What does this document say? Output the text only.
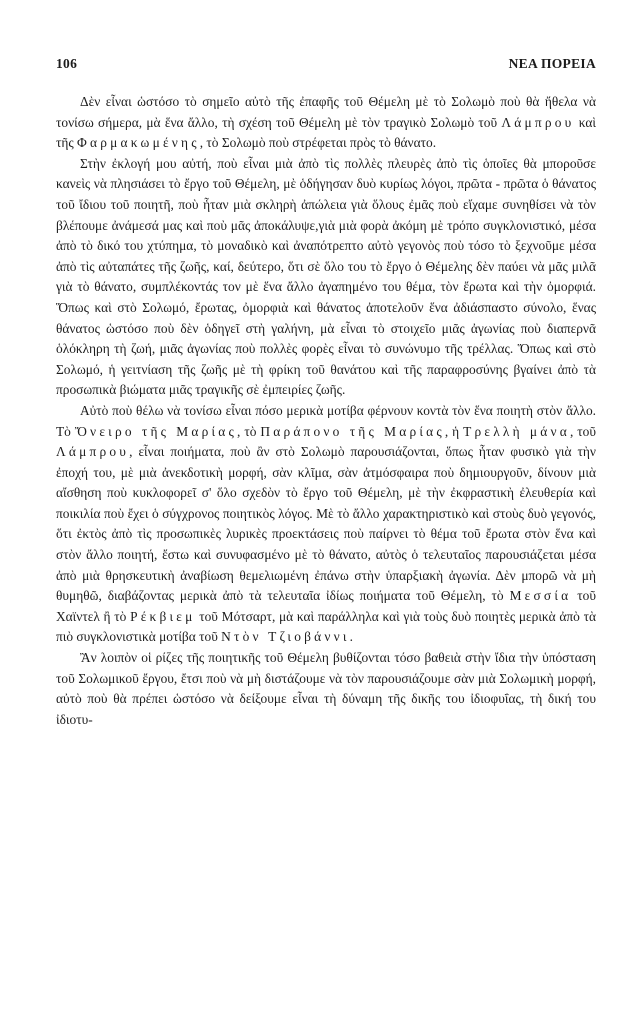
106	ΝΕΑ ΠΟΡΕΙΑ

Δὲν εἶναι ὡστόσο τὸ σημεῖο αὐτὸ τῆς ἐπαφῆς τοῦ Θέμελη μὲ τὸ Σολωμὸ ποὺ θὰ ἤθελα νὰ τονίσω σήμερα, μὰ ἕνα ἄλλο, τὴ σχέση τοῦ Θέμελη μὲ τὸν τραγικὸ Σολωμὸ τοῦ Λάμπρου καὶ τῆς Φαρμακωμένης, τὸ Σολωμὸ ποὺ στρέφεται πρὸς τὸ θάνατο.

Στὴν ἐκλογή μου αὐτή, ποὺ εἶναι μιὰ ἀπὸ τὶς πολλὲς πλευρὲς ἀπὸ τὶς ὁποῖες θὰ μποροῦσε κανεὶς νὰ πλησιάσει τὸ ἔργο τοῦ Θέμελη, μὲ ὁδήγησαν δυὸ κυρίως λόγοι, πρῶτα - πρῶτα ὁ θάνατος τοῦ ἴδιου τοῦ ποιητῆ, ποὺ ἦταν μιὰ σκληρὴ ἀπώλεια γιὰ ὅλους ἐμᾶς ποὺ εἴχαμε συνηθίσει νὰ τὸν βλέπουμε ἀνάμεσά μας καὶ ποὺ μᾶς ἀποκάλυψε,γιὰ μιὰ φορὰ ἀκόμη μὲ τρόπο συγκλονιστικό, μέσα ἀπὸ τὸ δικό του χτύπημα, τὸ μοναδικὸ καὶ ἀναπότρεπτο αὐτὸ γεγονὸς ποὺ τόσο τὸ ξεχνοῦμε μέσα ἀπὸ τὶς αὐταπάτες τῆς ζωῆς, καί, δεύτερο, ὅτι σὲ ὅλο του τὸ ἔργο ὁ Θέμελης δὲν παύει νὰ μᾶς μιλᾶ γιὰ τὸ θάνατο, συμπλέκοντάς τον μὲ ἕνα ἄλλο ἀγαπημένο του θέμα, τὸν ἔρωτα καὶ τὴν ὀμορφιά. Ὅπως καὶ στὸ Σολωμό, ἔρωτας, ὀμορφιὰ καὶ θάνατος ἀποτελοῦν ἕνα ἀδιάσπαστο σύνολο, ἕνας θάνατος ὡστόσο ποὺ δὲν ὁδηγεῖ στὴ γαλήνη, μὰ εἶναι τὸ στοιχεῖο μιᾶς ἀγωνίας ποὺ διαπερνᾶ ὁλόκληρη τὴ ζωή, μιᾶς ἀγωνίας ποὺ πολλὲς φορὲς εἶναι τὸ συνώνυμο τῆς τρέλλας. Ὅπως καὶ στὸ Σολωμό, ἡ γειτνίαση τῆς ζωῆς μὲ τὴ φρίκη τοῦ θανάτου καὶ τῆς παραφροσύνης βγαίνει ἀπὸ τὰ προσωπικὰ βιώματα μιᾶς τραγικῆς σὲ ἐμπειρίες ζωῆς.

Αὐτὸ ποὺ θέλω νὰ τονίσω εἶναι πόσο μερικὰ μοτίβα φέρνουν κοντὰ τὸν ἕνα ποιητὴ στὸν ἄλλο. Τὸ Ὄνειρο τῆς Μαρίας, τὸ Παράπονο τῆς Μαρίας, ἡ Τρελλὴ μάνα, τοῦ Λάμπρου, εἶναι ποιήματα, ποὺ ἂν στὸ Σολωμὸ παρουσιάζονται, ὅπως ἦταν φυσικὸ γιὰ τὴν ἐποχή του, μὲ μιὰ ἀνεκδοτικὴ μορφή, σὰν κλῖμα, σὰν ἀτμόσφαιρα ποὺ δημιουργοῦν, δίνουν μιὰ αἴσθηση ποὺ κυκλοφορεῖ σ' ὅλο σχεδὸν τὸ ἔργο τοῦ Θέμελη, μὲ τὴν ἐκφραστικὴ ἐλευθερία καὶ ποικιλία ποὺ ἔχει ὁ σύγχρονος ποιητικὸς λόγος. Μὲ τὸ ἄλλο χαρακτηριστικὸ καὶ στοὺς δυὸ γεγονός, ὅτι ἐκτὸς ἀπὸ τὶς προσωπικὲς λυρικὲς προεκτάσεις ποὺ παίρνει τὸ θέμα τοῦ ἔρωτα στὸν ἕνα καὶ στὸν ἄλλο ποιητή, ἔστω καὶ συνυφασμένο μὲ τὸ θάνατο, αὐτὸς ὁ τελευταῖος παρουσιάζεται μέσα ἀπὸ μιὰ θρησκευτικὴ ἀναβίωση θεμελιωμένη ἐπάνω στὴν ὑπαρξιακὴ ἀγωνία. Δὲν μπορῶ νὰ μὴ θυμηθῶ, διαβάζοντας μερικὰ ἀπὸ τὰ τελευταῖα ἰδίως ποιήματα τοῦ Θέμελη, τὸ Μεσσία τοῦ Χαϊντελ ἢ τὸ Ρέκβιεμ τοῦ Μότσαρτ, μὰ καὶ παράλληλα καὶ γιὰ τοὺς δυὸ ποιητὲς μερικὰ ἀπὸ τὰ πιὸ συγκλονιστικὰ μοτίβα τοῦ Ντὸν Τζιοβάννι.

Ἂν λοιπὸν οἱ ρίζες τῆς ποιητικῆς τοῦ Θέμελη βυθίζονται τόσο βαθειὰ στὴν ἴδια τὴν ὑπόσταση τοῦ Σολωμικοῦ ἔργου, ἔτσι ποὺ νὰ μὴ διστάζουμε νὰ τὸν παρουσιάζουμε σὰν μιὰ Σολωμικὴ μορφή, αὐτὸ ποὺ θὰ πρέπει ὡστόσο νὰ δείξουμε εἶναι τὴ δύναμη τῆς δικῆς του ἰδιοφυΐας, τὴ δική του ἰδιοτυ-
